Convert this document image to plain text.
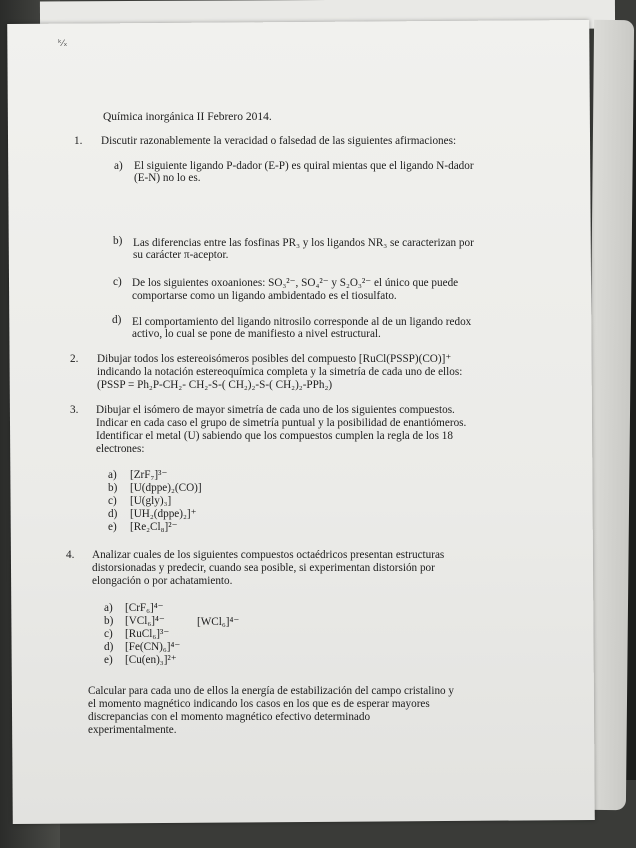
ᵏ⁄ₓ
Química inorgánica II Febrero 2014.
1. Discutir razonablemente la veracidad o falsedad de las siguientes afirmaciones:
a) El siguiente ligando P-dador (E-P) es quiral mientas que el ligando N-dador
(E-N) no lo es.
b) Las diferencias entre las fosfinas PR₃ y los ligandos NR₃ se caracterizan por
su carácter π-aceptor.
c) De los siguientes oxoaniones: SO₃²⁻, SO₄²⁻ y S₂O₃²⁻ el único que puede
comportarse como un ligando ambidentado es el tiosulfato.
d) El comportamiento del ligando nitrosilo corresponde al de un ligando redox
activo, lo cual se pone de manifiesto a nivel estructural.
2. Dibujar todos los estereoisómeros posibles del compuesto [RuCl(PSSP)(CO)]⁺
indicando la notación estereoquímica completa y la simetría de cada uno de ellos:
(PSSP = Ph₂P-CH₂- CH₂-S-( CH₂)₂-S-( CH₂)₂-PPh₂)
3. Dibujar el isómero de mayor simetría de cada uno de los siguientes compuestos.
Indicar en cada caso el grupo de simetría puntual y la posibilidad de enantiómeros.
Identificar el metal (U) sabiendo que los compuestos cumplen la regla de los 18
electrones:
a) [ZrF₇]³⁻
b) [U(dppe)₂(CO)]
c) [U(gly)₃]
d) [UH₂(dppe)₂]⁺
e) [Re₂Cl₈]²⁻
4. Analizar cuales de los siguientes compuestos octaédricos presentan estructuras
distorsionadas y predecir, cuando sea posible, si experimentan distorsión por
elongación o por achatamiento.
a) [CrF₆]⁴⁻
b) [VCl₆]⁴⁻	[WCl₆]⁴⁻
c) [RuCl₆]³⁻
d) [Fe(CN)₆]⁴⁻
e) [Cu(en)₃]²⁺
Calcular para cada uno de ellos la energía de estabilización del campo cristalino y
el momento magnético indicando los casos en los que es de esperar mayores
discrepancias con el momento magnético efectivo determinado
experimentalmente.
